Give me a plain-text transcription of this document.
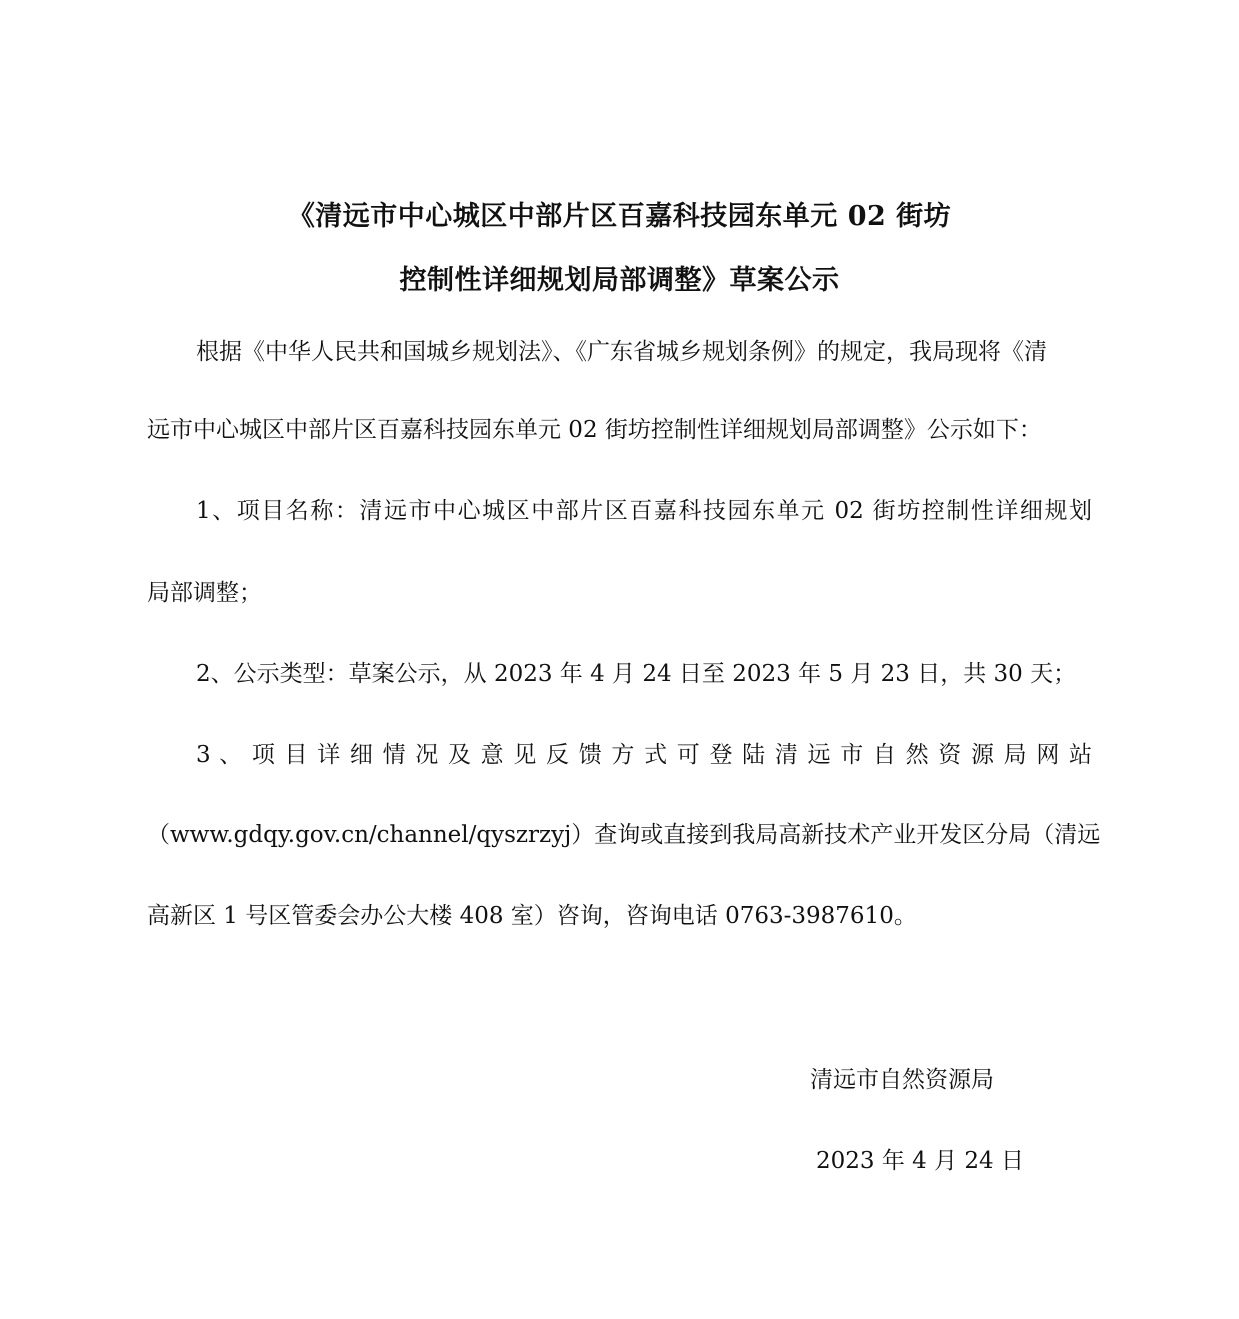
《清远市中心城区中部片区百嘉科技园东单元 02 街坊
控制性详细规划局部调整》草案公示
根据《中华人民共和国城乡规划法》、《广东省城乡规划条例》的规定，我局现将《清
远市中心城区中部片区百嘉科技园东单元 02 街坊控制性详细规划局部调整》公示如下：
1、项目名称：清远市中心城区中部片区百嘉科技园东单元 02 街坊控制性详细规划
局部调整；
2、公示类型：草案公示，从 2023 年 4 月 24 日至 2023 年 5 月 23 日，共 30 天；
3 、 项 目 详 细 情 况 及 意 见 反 馈 方 式 可 登 陆 清 远 市 自 然 资 源 局 网 站
（www.gdqy.gov.cn/channel/qyszrzyj）查询或直接到我局高新技术产业开发区分局（清远
高新区 1 号区管委会办公大楼 408 室）咨询，咨询电话 0763-3987610。
清远市自然资源局
2023 年 4 月 24 日
